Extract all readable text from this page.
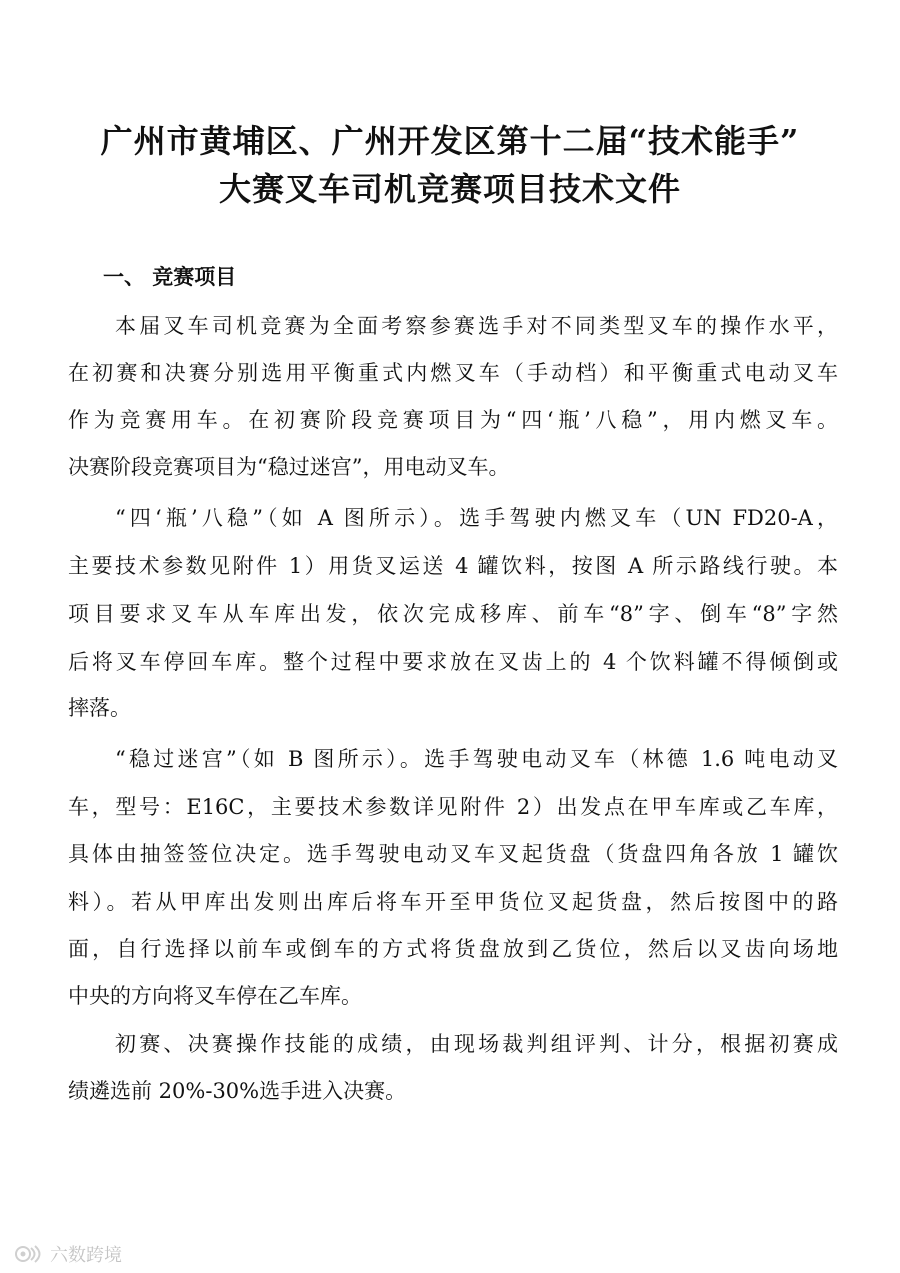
广州市黄埔区、广州开发区第十二届“技术能手”
大赛叉车司机竞赛项目技术文件
一、 竞赛项目
本届叉车司机竞赛为全面考察参赛选手对不同类型叉车的操作水平，
在初赛和决赛分别选用平衡重式内燃叉车（手动档）和平衡重式电动叉车
作为竞赛用车。在初赛阶段竞赛项目为“四‘瓶’八稳”，用内燃叉车。
决赛阶段竞赛项目为“稳过迷宫”，用电动叉车。
“四‘瓶’八稳”（如 A 图所示）。选手驾驶内燃叉车（UN FD20-A，
主要技术参数见附件 1）用货叉运送 4 罐饮料，按图 A 所示路线行驶。本
项目要求叉车从车库出发，依次完成移库、前车“8”字、倒车“8”字然
后将叉车停回车库。整个过程中要求放在叉齿上的 4 个饮料罐不得倾倒或
摔落。
“稳过迷宫”（如 B 图所示）。选手驾驶电动叉车（林德 1.6 吨电动叉
车，型号：E16C，主要技术参数详见附件 2）出发点在甲车库或乙车库，
具体由抽签签位决定。选手驾驶电动叉车叉起货盘（货盘四角各放 1 罐饮
料）。若从甲库出发则出库后将车开至甲货位叉起货盘，然后按图中的路
面，自行选择以前车或倒车的方式将货盘放到乙货位，然后以叉齿向场地
中央的方向将叉车停在乙车库。
初赛、决赛操作技能的成绩，由现场裁判组评判、计分，根据初赛成
绩遴选前 20%-30%选手进入决赛。
六数跨境
